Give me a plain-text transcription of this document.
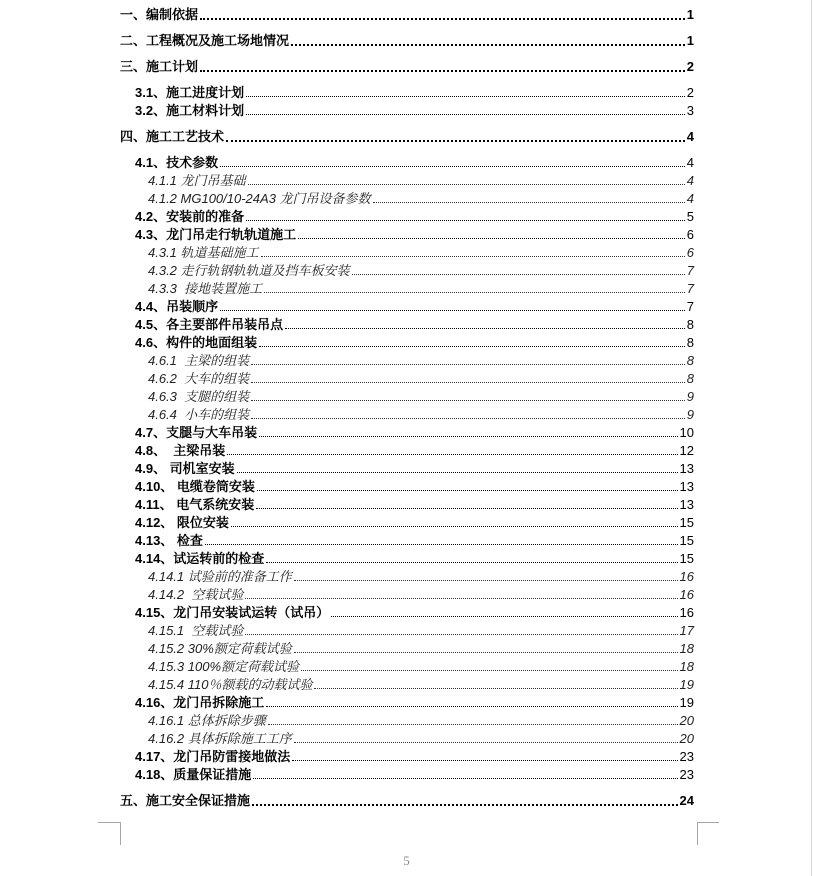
一、编制依据	1
二、工程概况及施工场地情况	1
三、施工计划	2
3.1、施工进度计划	2
3.2、施工材料计划	3
四、施工工艺技术	4
4.1、技术参数	4
4.1.1 龙门吊基础	4
4.1.2 MG100/10-24A3 龙门吊设备参数	4
4.2、安装前的准备	5
4.3、龙门吊走行轨轨道施工	6
4.3.1 轨道基础施工	6
4.3.2 走行轨钢轨轨道及挡车板安装	7
4.3.3  接地装置施工	7
4.4、吊装顺序	7
4.5、各主要部件吊装吊点	8
4.6、构件的地面组装	8
4.6.1  主梁的组装	8
4.6.2  大车的组装	8
4.6.3  支腿的组装	9
4.6.4  小车的组装	9
4.7、支腿与大车吊装	10
4.8、  主梁吊装	12
4.9、 司机室安装	13
4.10、 电缆卷筒安装	13
4.11、 电气系统安装	13
4.12、 限位安装	15
4.13、 检查	15
4.14、试运转前的检查	15
4.14.1 试验前的准备工作	16
4.14.2  空载试验	16
4.15、龙门吊安装试运转（试吊）	16
4.15.1  空载试验	17
4.15.2 30%额定荷载试验	18
4.15.3 100%额定荷载试验	18
4.15.4 110％额载的动载试验	19
4.16、龙门吊拆除施工	19
4.16.1 总体拆除步骤	20
4.16.2 具体拆除施工工序	20
4.17、龙门吊防雷接地做法	23
4.18、质量保证措施	23
五、施工安全保证措施	24
5
